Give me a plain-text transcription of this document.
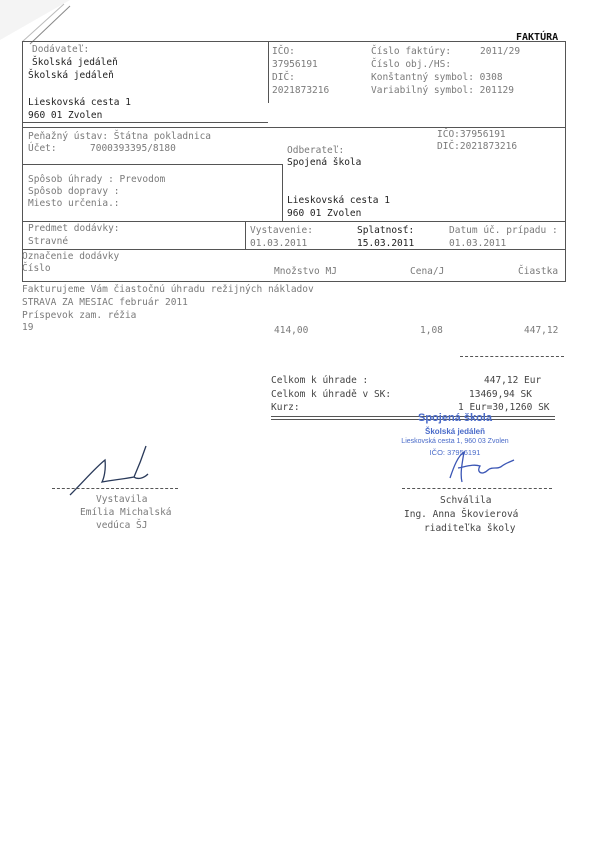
FAKTÚRA
Dodávateľ:
Školská jedáleň
Školská jedáleň
Lieskovská cesta 1
960 01 Zvolen
IČO:
37956191
DIČ:
2021873216
Číslo faktúry:	2011/29
Číslo obj./HS:
Konštantný symbol: 0308
Variabilný symbol: 201129
Peňažný ústav: Štátna pokladnica
Účet:	7000393395/8180
IČO:37956191
DIČ:2021873216
Odberateľ:
Spojená škola
Lieskovská cesta 1
960 01 Zvolen
Spôsob úhrady : Prevodom
Spôsob dopravy :
Miesto určenia.:
Predmet dodávky:
Stravné
Vystavenie:
01.03.2011
Splatnosť:
15.03.2011
Datum úč. prípadu :
01.03.2011
Označenie dodávky
Číslo	Množstvo MJ	Cena/J	Čiastka
Fakturujeme Vám čiastočnú úhradu režijných nákladov
STRAVA ZA MESIAC február 2011
Príspevok zam. réžia
19	414,00	1,08	447,12
Celkom k úhrade :	447,12 Eur
Celkom k úhradě v SK:	13469,94 SK
Kurz:	1 Eur=30,1260 SK
Spojená škola
Školská jedáleň
Lieskovská cesta 1, 960 03 Zvolen
IČO: 37956191
Vystavila
Emília Michalská
vedúca ŠJ
Schválila
Ing. Anna Škovierová
riaditeľka školy
